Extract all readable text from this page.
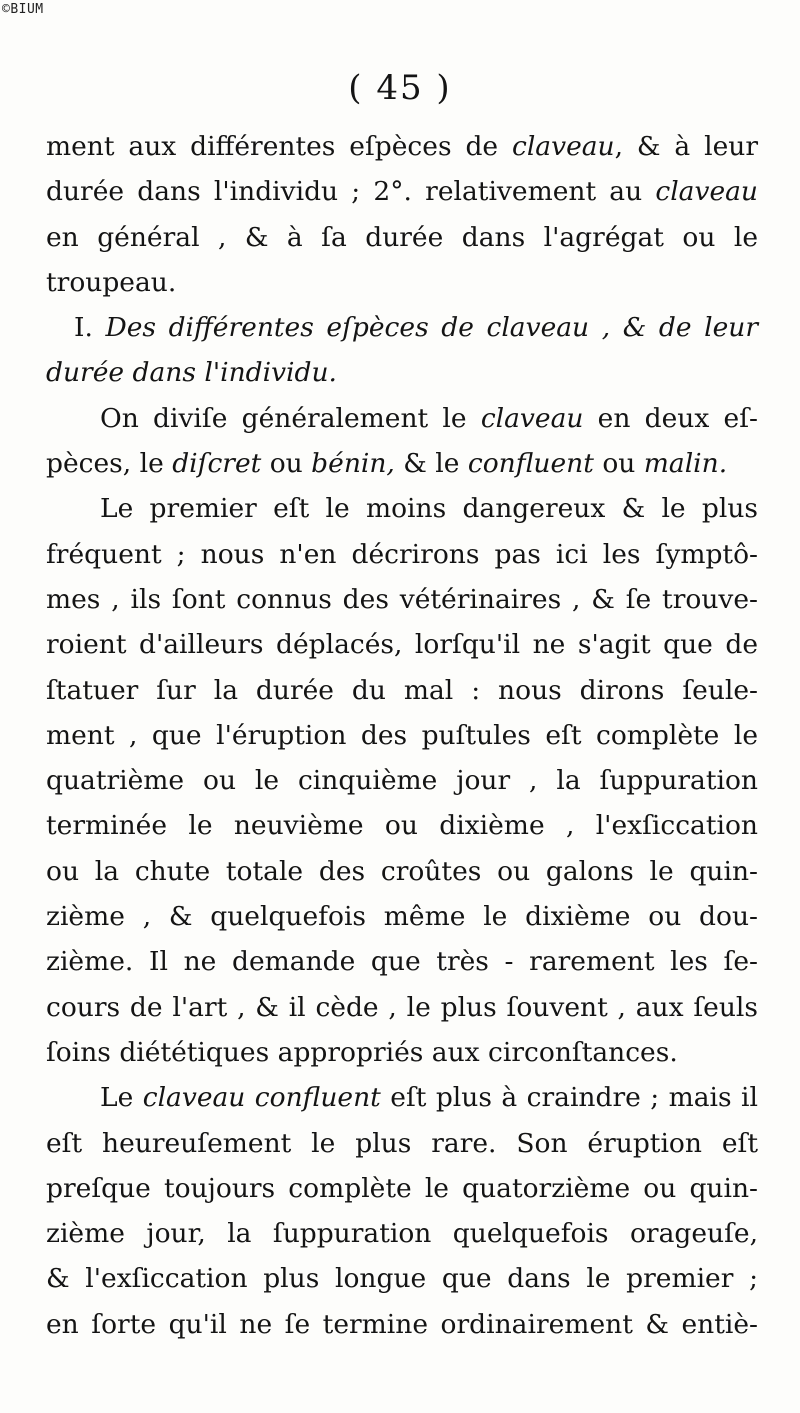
©BIUM
( 45 )
ment aux différentes eſpèces de claveau, & à leur
durée dans l'individu ; 2°. relativement au claveau
en général , & à ſa durée dans l'agrégat ou le
troupeau.
I. Des différentes eſpèces de claveau , & de leur
durée dans l'individu.
On diviſe généralement le claveau en deux eſ-
pèces, le diſcret ou bénin, & le confluent ou malin.
Le premier eſt le moins dangereux & le plus
fréquent ; nous n'en décrirons pas ici les ſymptô-
mes , ils ſont connus des vétérinaires , & ſe trouve-
roient d'ailleurs déplacés, lorſqu'il ne s'agit que de
ſtatuer ſur la durée du mal : nous dirons ſeule-
ment , que l'éruption des puſtules eſt complète le
quatrième ou le cinquième jour , la ſuppuration
terminée le neuvième ou dixième , l'exſiccation
ou la chute totale des croûtes ou galons le quin-
zième , & quelquefois même le dixième ou dou-
zième. Il ne demande que très - rarement les ſe-
cours de l'art , & il cède , le plus ſouvent , aux ſeuls
ſoins diététiques appropriés aux circonſtances.
Le claveau confluent eſt plus à craindre ; mais il
eſt heureuſement le plus rare. Son éruption eſt
preſque toujours complète le quatorzième ou quin-
zième jour, la ſuppuration quelquefois orageuſe,
& l'exſiccation plus longue que dans le premier ;
en ſorte qu'il ne ſe termine ordinairement & entiè-
